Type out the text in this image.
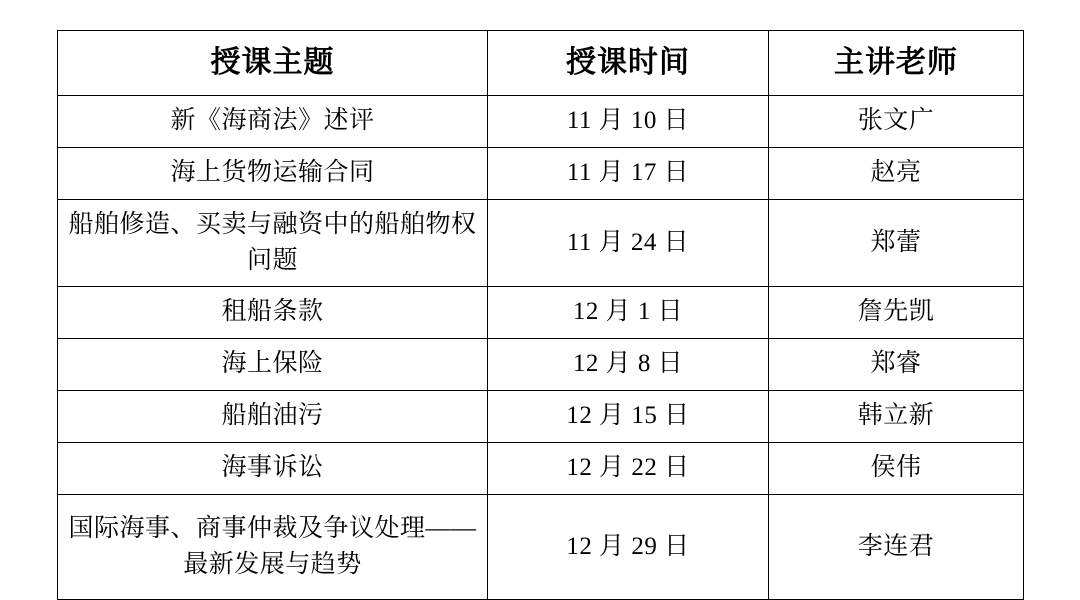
授课主题	授课时间	主讲老师
新《海商法》述评	11 月 10 日	张文广
海上货物运输合同	11 月 17 日	赵亮
船舶修造、买卖与融资中的船舶物权问题	11 月 24 日	郑蕾
租船条款	12 月 1 日	詹先凯
海上保险	12 月 8 日	郑睿
船舶油污	12 月 15 日	韩立新
海事诉讼	12 月 22 日	侯伟
国际海事、商事仲裁及争议处理——最新发展与趋势	12 月 29 日	李连君
